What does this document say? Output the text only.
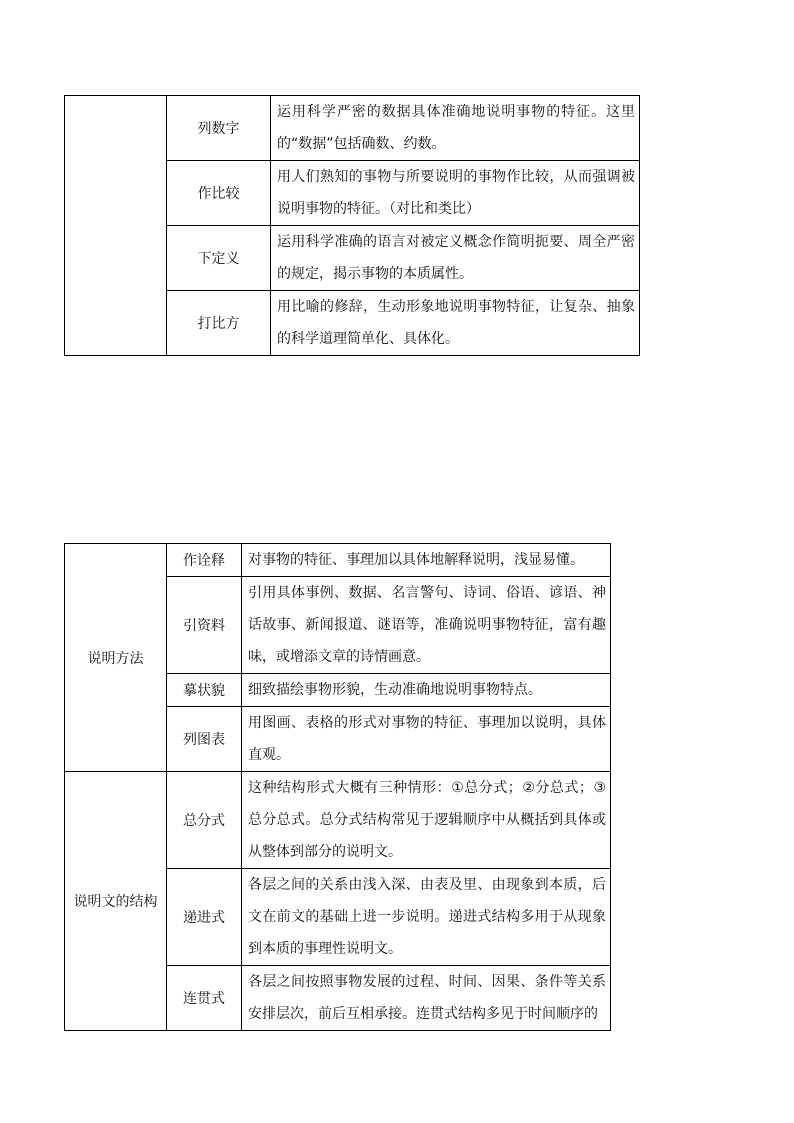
	列数字	运用科学严密的数据具体准确地说明事物的特征。这里的“数据”包括确数、约数。
	作比较	用人们熟知的事物与所要说明的事物作比较，从而强调被说明事物的特征。（对比和类比）
	下定义	运用科学准确的语言对被定义概念作简明扼要、周全严密的规定，揭示事物的本质属性。
	打比方	用比喻的修辞，生动形象地说明事物特征，让复杂、抽象的科学道理简单化、具体化。
说明方法	作诠释	对事物的特征、事理加以具体地解释说明，浅显易懂。
	引资料	引用具体事例、数据、名言警句、诗词、俗语、谚语、神话故事、新闻报道、谜语等，准确说明事物特征，富有趣味，或增添文章的诗情画意。
	摹状貌	细致描绘事物形貌，生动准确地说明事物特点。
	列图表	用图画、表格的形式对事物的特征、事理加以说明，具体直观。
说明文的结构	总分式	这种结构形式大概有三种情形：①总分式；②分总式；③总分总式。总分式结构常见于逻辑顺序中从概括到具体或从整体到部分的说明文。
	递进式	各层之间的关系由浅入深、由表及里、由现象到本质，后文在前文的基础上进一步说明。递进式结构多用于从现象到本质的事理性说明文。
	连贯式	各层之间按照事物发展的过程、时间、因果、条件等关系安排层次，前后互相承接。连贯式结构多见于时间顺序的
